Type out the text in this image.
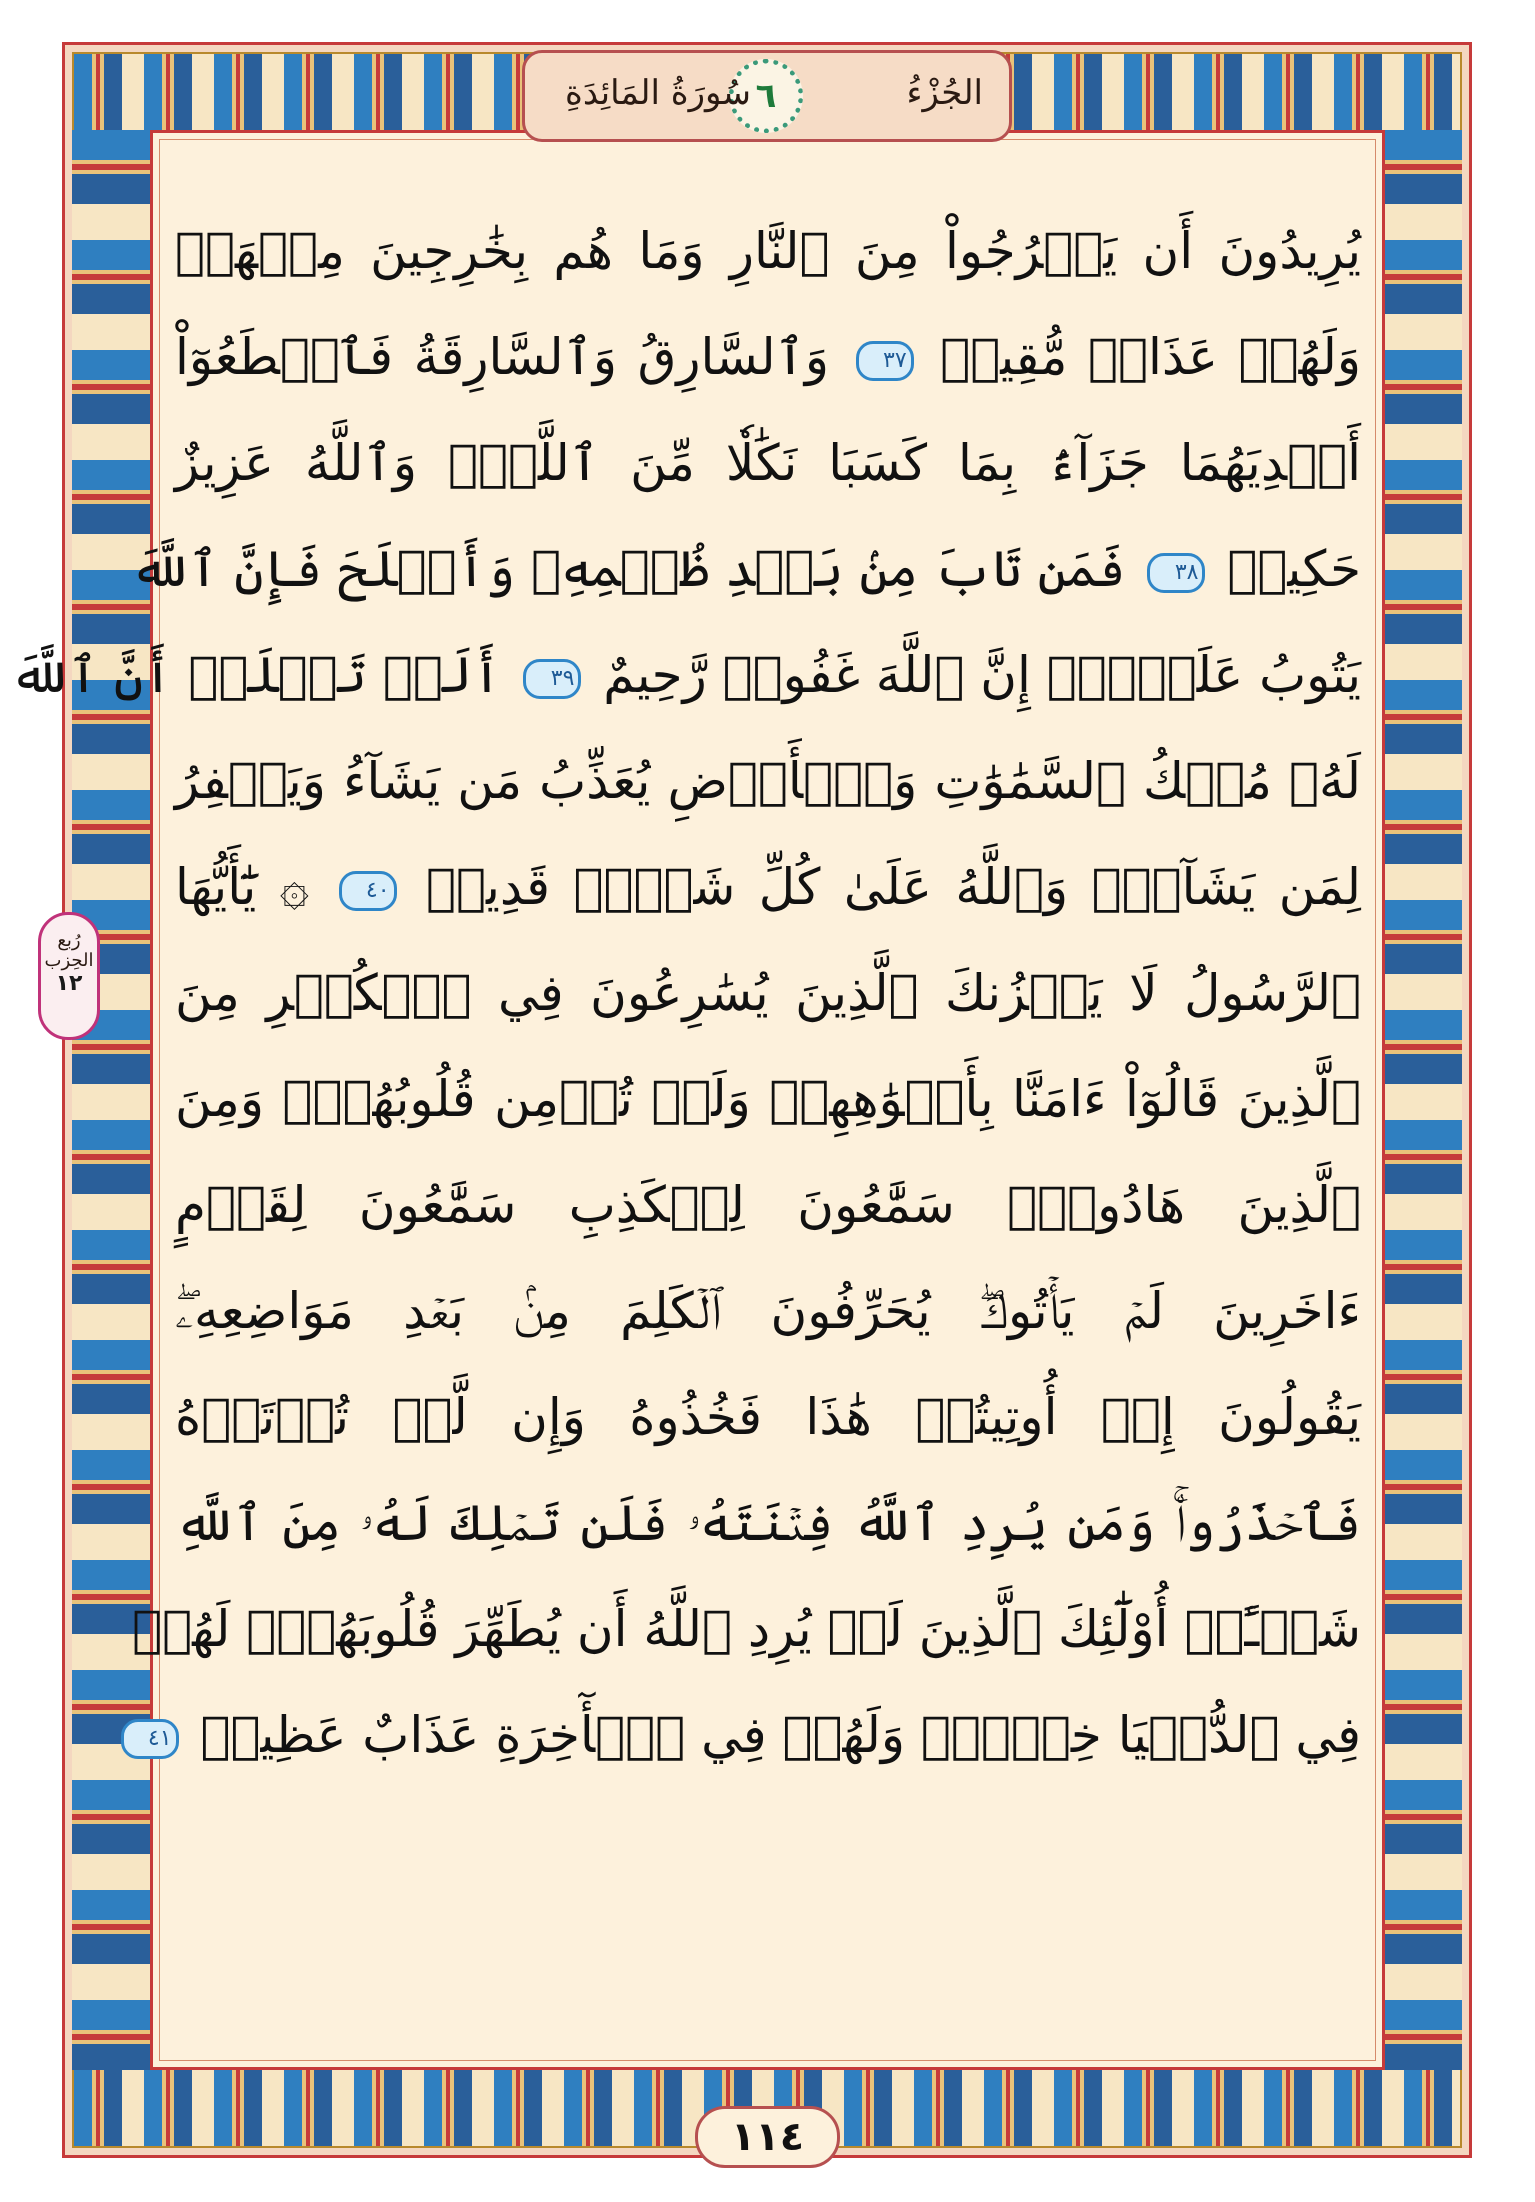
الجُزْءُ
٦
سُورَةُ المَائِدَةِ
رُبع
الحِزب
١٢
يُرِيدُونَ أَن يَخۡرُجُواْ مِنَ ٱلنَّارِ وَمَا هُم بِخَٰرِجِينَ مِنۡهَاۖ
وَلَهُمۡ عَذَابٞ مُّقِيمٞ ٣٧ وَٱلسَّارِقُ وَٱلسَّارِقَةُ فَٱقۡطَعُوٓاْ
أَيۡدِيَهُمَا جَزَآءَۢ بِمَا كَسَبَا نَكَٰلٗا مِّنَ ٱللَّهِۗ وَٱللَّهُ عَزِيزٌ
حَكِيمٞ ٣٨ فَمَن تَابَ مِنۢ بَعۡدِ ظُلۡمِهِۦ وَأَصۡلَحَ فَإِنَّ ٱللَّهَ
يَتُوبُ عَلَيۡهِۚ إِنَّ ٱللَّهَ غَفُورٞ رَّحِيمٌ ٣٩ أَلَمۡ تَعۡلَمۡ أَنَّ ٱللَّهَ
لَهُۥ مُلۡكُ ٱلسَّمَٰوَٰتِ وَٱلۡأَرۡضِ يُعَذِّبُ مَن يَشَآءُ وَيَغۡفِرُ
لِمَن يَشَآءُۗ وَٱللَّهُ عَلَىٰ كُلِّ شَيۡءٖ قَدِيرٞ ٤٠ ۞ يَٰٓأَيُّهَا
ٱلرَّسُولُ لَا يَحۡزُنكَ ٱلَّذِينَ يُسَٰرِعُونَ فِي ٱلۡكُفۡرِ مِنَ
ٱلَّذِينَ قَالُوٓاْ ءَامَنَّا بِأَفۡوَٰهِهِمۡ وَلَمۡ تُؤۡمِن قُلُوبُهُمۡۛ وَمِنَ
ٱلَّذِينَ هَادُواْۛ سَمَّٰعُونَ لِلۡكَذِبِ سَمَّٰعُونَ لِقَوۡمٍ
ءَاخَرِينَ لَمۡ يَأۡتُوكَۖ يُحَرِّفُونَ ٱلۡكَلِمَ مِنۢ بَعۡدِ مَوَاضِعِهِۦۖ
يَقُولُونَ إِنۡ أُوتِيتُمۡ هَٰذَا فَخُذُوهُ وَإِن لَّمۡ تُؤۡتَوۡهُ
فَٱحۡذَرُواْۚ وَمَن يُرِدِ ٱللَّهُ فِتۡنَتَهُۥ فَلَن تَمۡلِكَ لَهُۥ مِنَ ٱللَّهِ
شَيۡـًٔاۚ أُوْلَٰٓئِكَ ٱلَّذِينَ لَمۡ يُرِدِ ٱللَّهُ أَن يُطَهِّرَ قُلُوبَهُمۡۚ لَهُمۡ
فِي ٱلدُّنۡيَا خِزۡيٞۖ وَلَهُمۡ فِي ٱلۡأٓخِرَةِ عَذَابٌ عَظِيمٞ ٤١
١١٤
